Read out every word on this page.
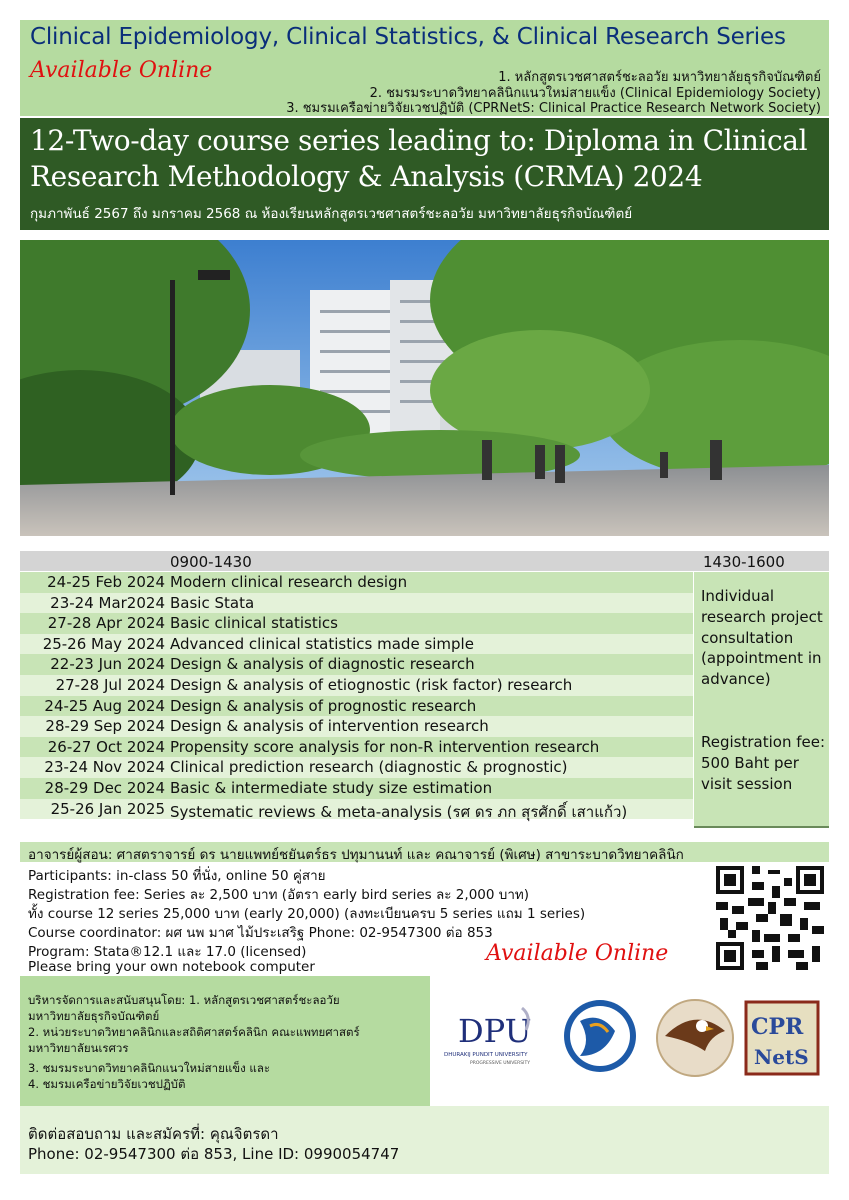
Clinical Epidemiology, Clinical Statistics, & Clinical Research Series
Available Online	1. หลักสูตรเวชศาสตร์ชะลอวัย มหาวิทยาลัยธุรกิจบัณฑิตย์
2. ชมรมระบาดวิทยาคลินิกแนวใหม่สายแข็ง (Clinical Epidemiology Society)
3. ชมรมเครือข่ายวิจัยเวชปฏิบัติ (CPRNetS: Clinical Practice Research Network Society)
12-Two-day course series leading to: Diploma in Clinical
Research Methodology & Analysis (CRMA) 2024
กุมภาพันธ์ 2567 ถึง มกราคม 2568 ณ ห้องเรียนหลักสูตรเวชศาสตร์ชะลอวัย มหาวิทยาลัยธุรกิจบัณฑิตย์
0900-1430	1430-1600
24-25 Feb 2024 Modern clinical research design
23-24 Mar2024 Basic Stata
27-28 Apr 2024 Basic clinical statistics
25-26 May 2024 Advanced clinical statistics made simple
22-23 Jun 2024 Design & analysis of diagnostic research
27-28 Jul 2024 Design & analysis of etiognostic (risk factor) research
24-25 Aug 2024 Design & analysis of prognostic research
28-29 Sep 2024 Design & analysis of intervention research
26-27 Oct 2024 Propensity score analysis for non-R intervention research
23-24 Nov 2024 Clinical prediction research (diagnostic & prognostic)
28-29 Dec 2024 Basic & intermediate study size estimation
25-26 Jan 2025 Systematic reviews & meta-analysis (รศ ดร ภก สุรศักดิ์ เสาแก้ว)
Individual research project consultation (appointment in advance)
Registration fee: 500 Baht per visit session
อาจารย์ผู้สอน: ศาสตราจารย์ ดร นายแพทย์ชยันตร์ธร ปทุมานนท์ และ คณาจารย์ (พิเศษ) สาขาระบาดวิทยาคลินิก
Participants: in-class 50 ที่นั่ง, online 50 คู่สาย
Registration fee: Series ละ 2,500 บาท (อัตรา early bird series ละ 2,000 บาท)
ทั้ง course 12 series 25,000 บาท (early 20,000) (ลงทะเบียนครบ 5 series แถม 1 series)
Course coordinator: ผศ นพ มาศ ไม้ประเสริฐ Phone: 02-9547300 ต่อ 853
Program: Stata®12.1 และ 17.0 (licensed)
Please bring your own notebook computer
Available Online
บริหารจัดการและสนับสนุนโดย: 1. หลักสูตรเวชศาสตร์ชะลอวัย
มหาวิทยาลัยธุรกิจบัณฑิตย์
2. หน่วยระบาดวิทยาคลินิกและสถิติศาสตร์คลินิก คณะแพทยศาสตร์
มหาวิทยาลัยนเรศวร
3. ชมรมระบาดวิทยาคลินิกแนวใหม่สายแข็ง และ
4. ชมรมเครือข่ายวิจัยเวชปฏิบัติ
DPU
DHURAKIJ PUNDIT UNIVERSITY
PROGRESSIVE UNIVERSITY
CPR
NetS
ติดต่อสอบถาม และสมัครที่: คุณจิตรดา
Phone: 02-9547300 ต่อ 853, Line ID: 0990054747
